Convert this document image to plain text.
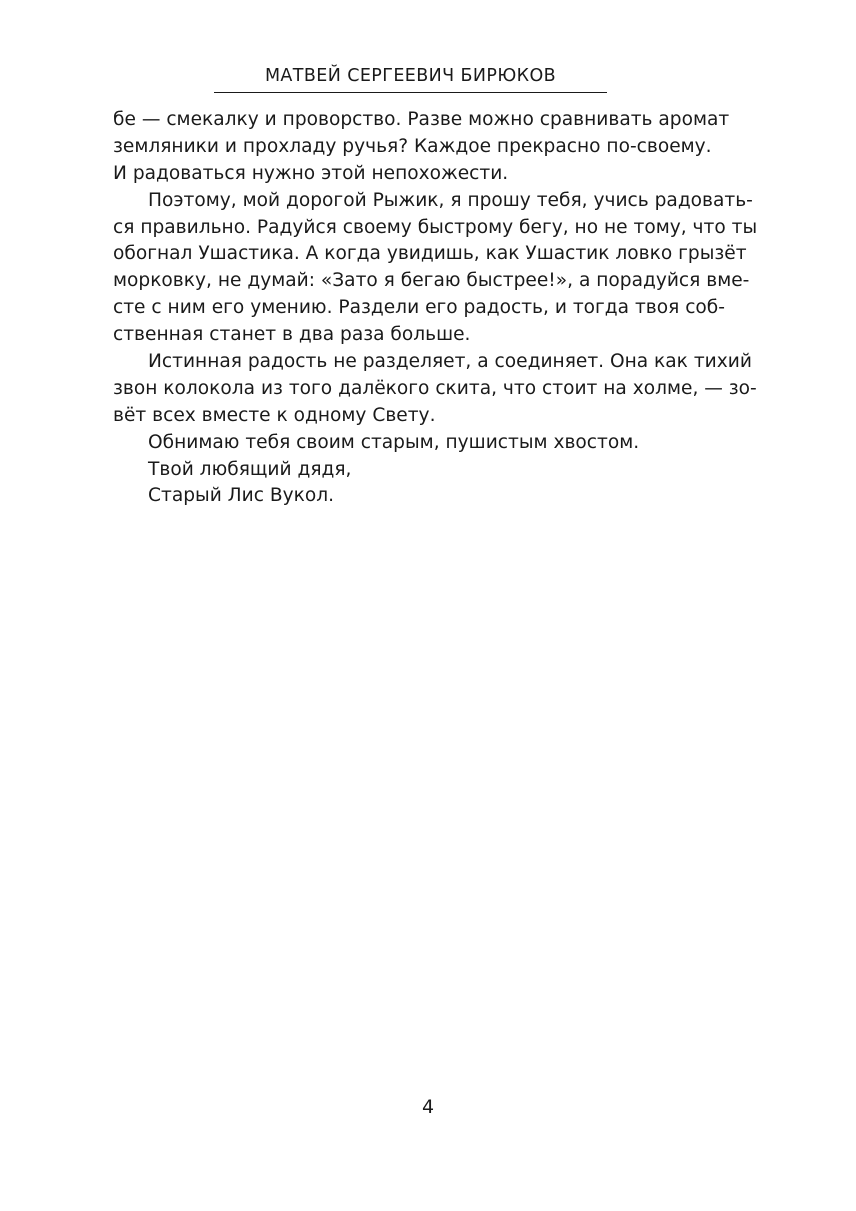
МАТВЕЙ СЕРГЕЕВИЧ БИРЮКОВ
бе — смекалку и проворство. Разве можно сравнивать аромат
земляники и прохладу ручья? Каждое прекрасно по-своему.
И радоваться нужно этой непохожести.
Поэтому, мой дорогой Рыжик, я прошу тебя, учись радовать-
ся правильно. Радуйся своему быстрому бегу, но не тому, что ты
обогнал Ушастика. А когда увидишь, как Ушастик ловко грызёт
морковку, не думай: «Зато я бегаю быстрее!», а порадуйся вме-
сте с ним его умению. Раздели его радость, и тогда твоя соб-
ственная станет в два раза больше.
Истинная радость не разделяет, а соединяет. Она как тихий
звон колокола из того далёкого скита, что стоит на холме, — зо-
вёт всех вместе к одному Свету.
Обнимаю тебя своим старым, пушистым хвостом.
Твой любящий дядя,
Старый Лис Вукол.
4
